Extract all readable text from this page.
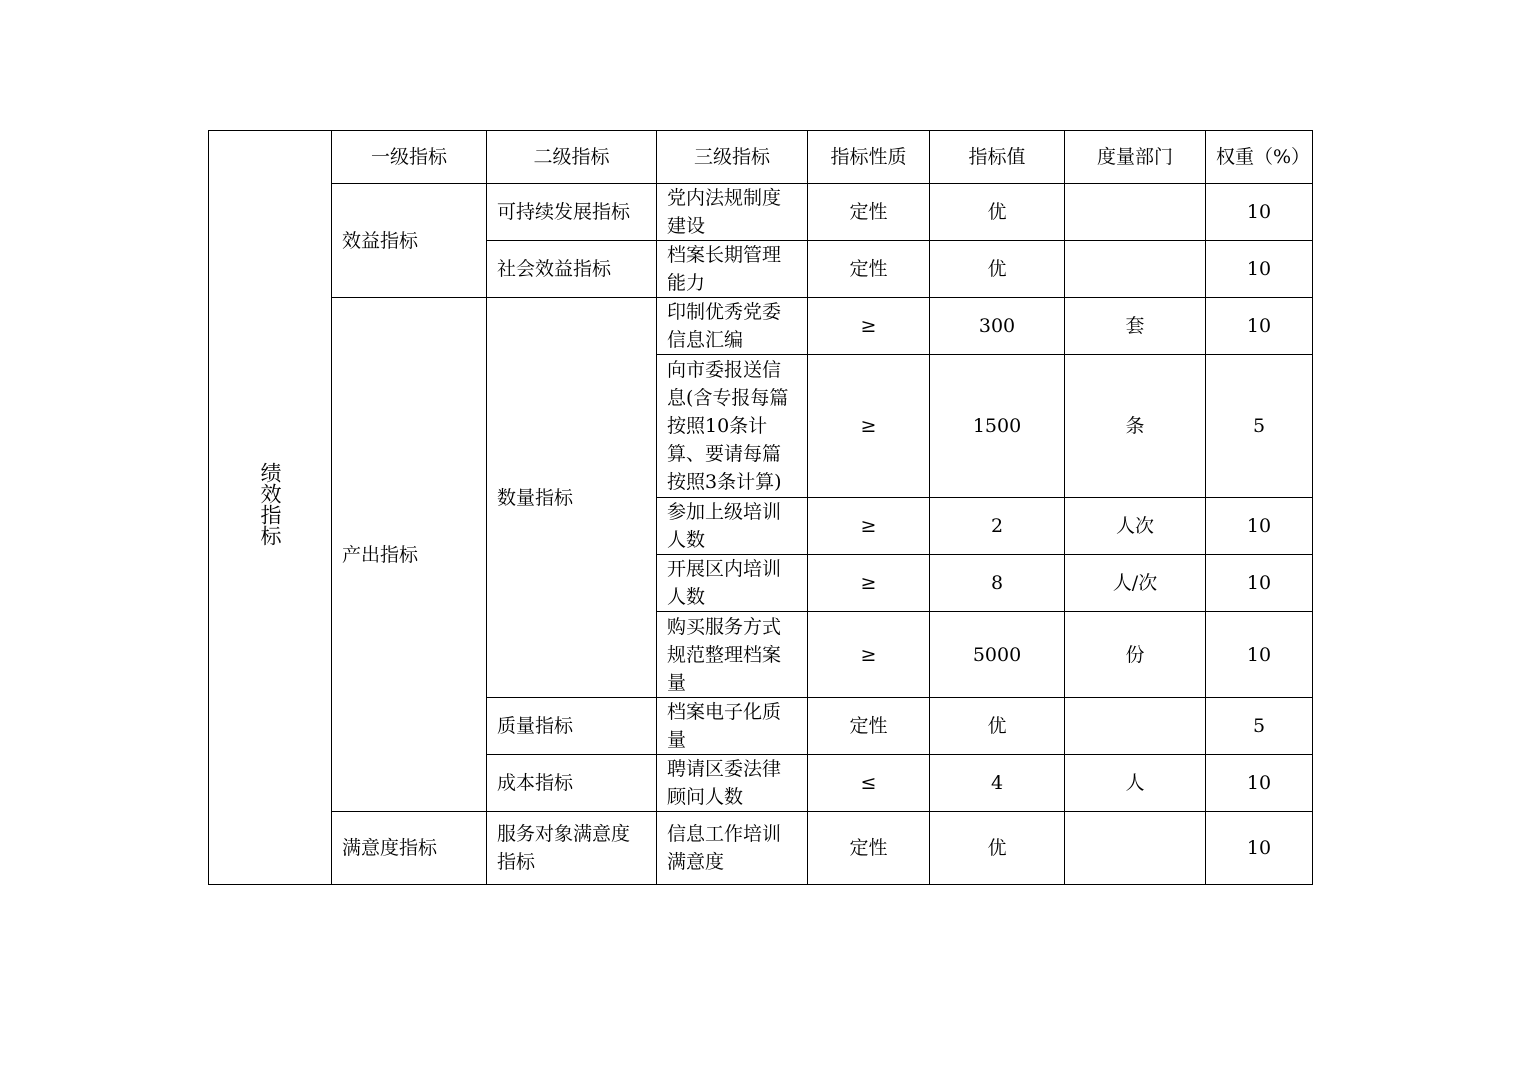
绩效指标	一级指标	二级指标	三级指标	指标性质	指标值	度量部门	权重（%）
	效益指标	可持续发展指标	党内法规制度建设	定性	优		10
		社会效益指标	档案长期管理能力	定性	优		10
	产出指标	数量指标	印制优秀党委信息汇编	≥	300	套	10
			向市委报送信息(含专报每篇按照10条计算、要请每篇按照3条计算)	≥	1500	条	5
			参加上级培训人数	≥	2	人次	10
			开展区内培训人数	≥	8	人/次	10
			购买服务方式规范整理档案量	≥	5000	份	10
		质量指标	档案电子化质量	定性	优		5
		成本指标	聘请区委法律顾问人数	≤	4	人	10
	满意度指标	服务对象满意度指标	信息工作培训满意度	定性	优		10
